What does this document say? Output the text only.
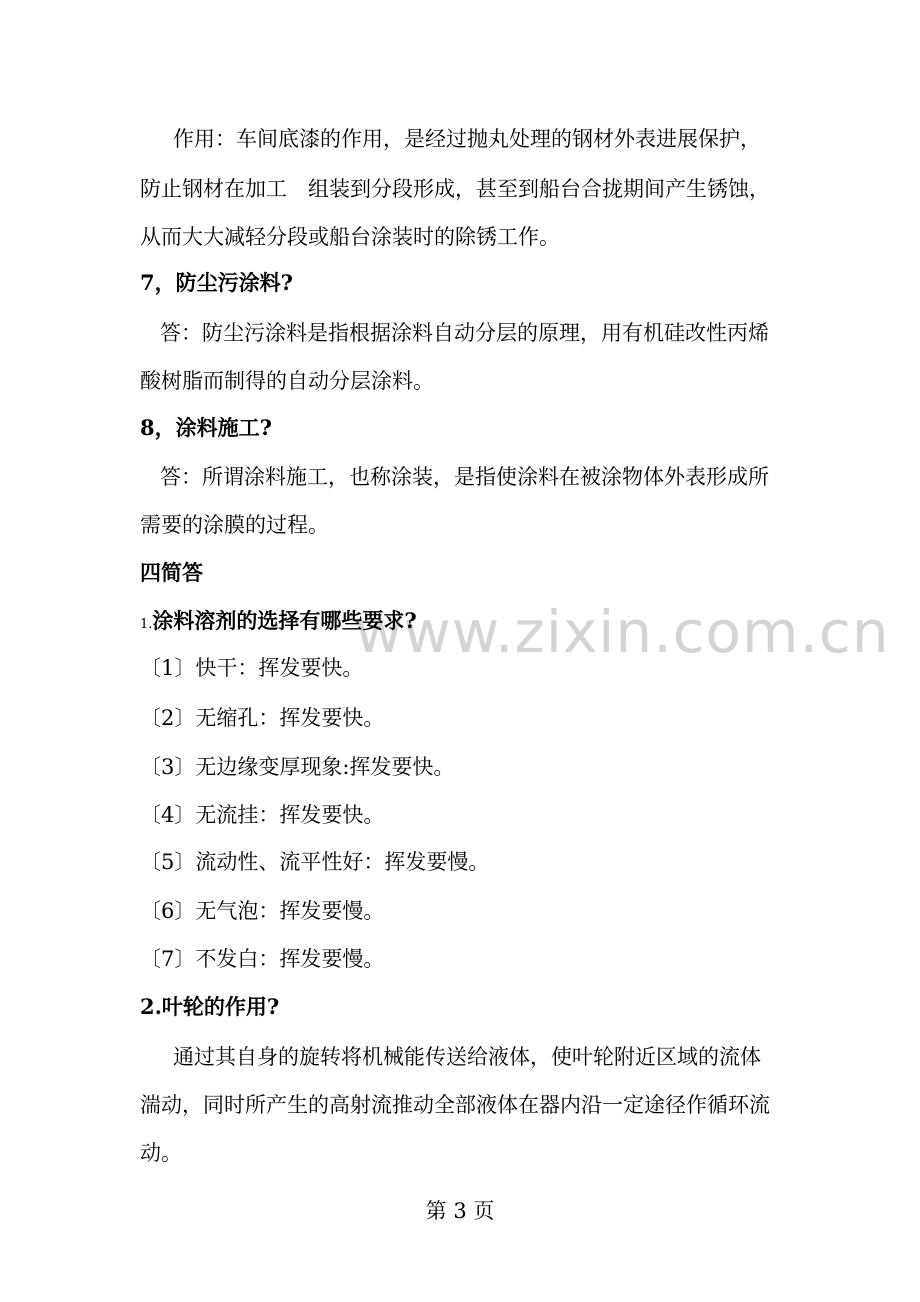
www.zixin.com.cn
作用：车间底漆的作用，是经过抛丸处理的钢材外表进展保护，
防止钢材在加工　组装到分段形成，甚至到船台合拢期间产生锈蚀，
从而大大减轻分段或船台涂装时的除锈工作。
7，防尘污涂料?
答：防尘污涂料是指根据涂料自动分层的原理，用有机硅改性丙烯
酸树脂而制得的自动分层涂料。
8，涂料施工?
答：所谓涂料施工，也称涂装，是指使涂料在被涂物体外表形成所
需要的涂膜的过程。
四简答
1.涂料溶剂的选择有哪些要求?
〔1〕快干：挥发要快。
〔2〕无缩孔：挥发要快。
〔3〕无边缘变厚现象:挥发要快。
〔4〕无流挂：挥发要快。
〔5〕流动性、流平性好：挥发要慢。
〔6〕无气泡：挥发要慢。
〔7〕不发白：挥发要慢。
2.叶轮的作用?
通过其自身的旋转将机械能传送给液体，使叶轮附近区域的流体
湍动，同时所产生的高射流推动全部液体在器内沿一定途径作循环流
动。
第 3 页
